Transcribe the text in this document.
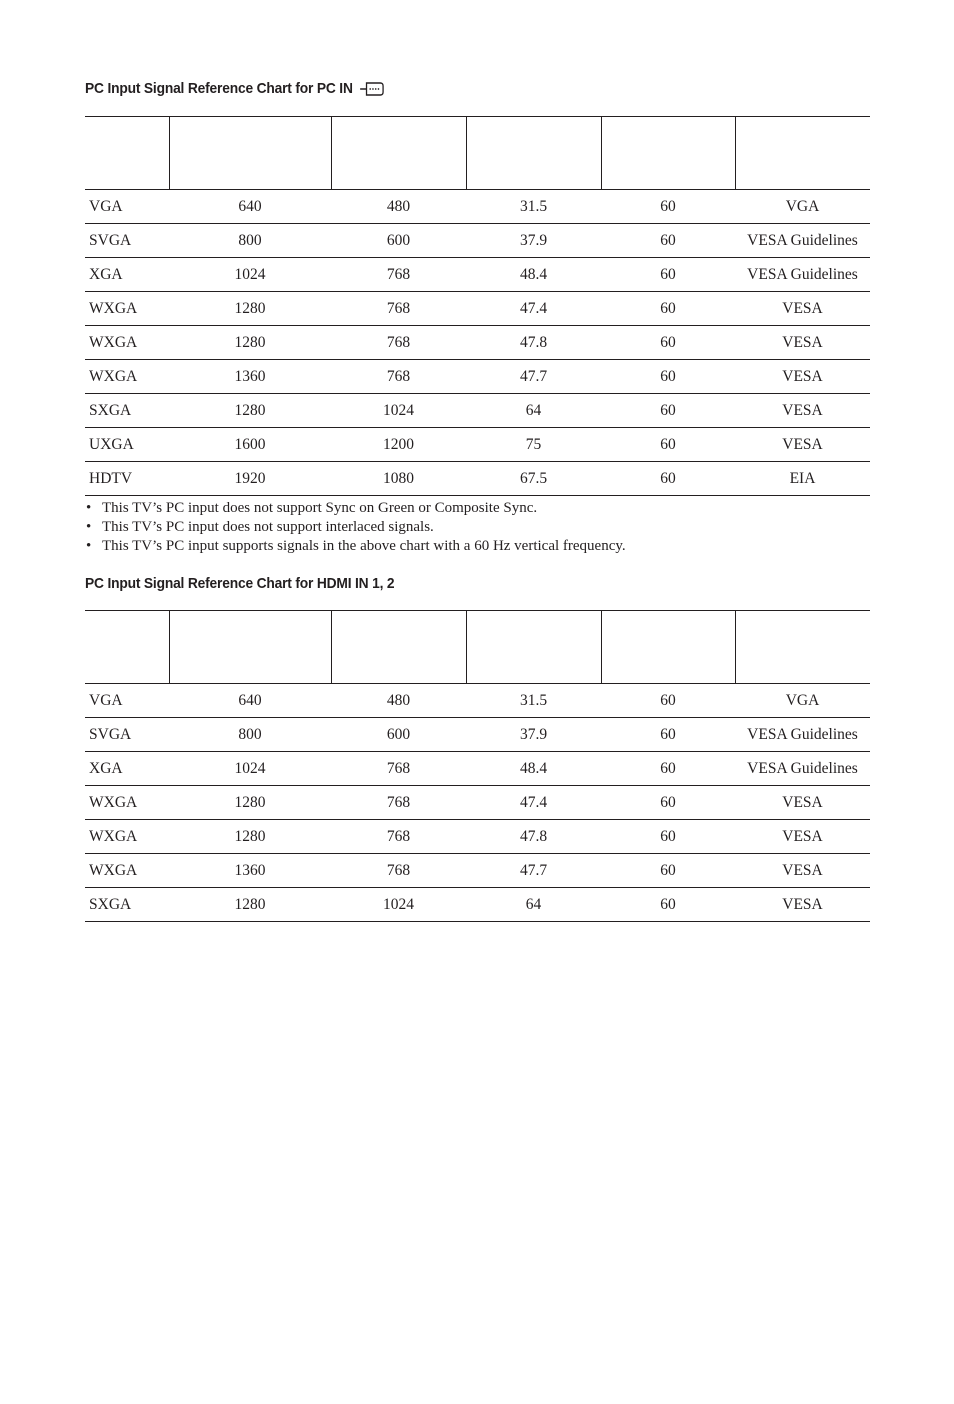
PC Input Signal Reference Chart for PC IN

VGA	640	480	31.5	60	VGA
SVGA	800	600	37.9	60	VESA Guidelines
XGA	1024	768	48.4	60	VESA Guidelines
WXGA	1280	768	47.4	60	VESA
WXGA	1280	768	47.8	60	VESA
WXGA	1360	768	47.7	60	VESA
SXGA	1280	1024	64	60	VESA
UXGA	1600	1200	75	60	VESA
HDTV	1920	1080	67.5	60	EIA
• This TV’s PC input does not support Sync on Green or Composite Sync.
• This TV’s PC input does not support interlaced signals.
• This TV’s PC input supports signals in the above chart with a 60 Hz vertical frequency.
PC Input Signal Reference Chart for HDMI IN 1, 2

VGA	640	480	31.5	60	VGA
SVGA	800	600	37.9	60	VESA Guidelines
XGA	1024	768	48.4	60	VESA Guidelines
WXGA	1280	768	47.4	60	VESA
WXGA	1280	768	47.8	60	VESA
WXGA	1360	768	47.7	60	VESA
SXGA	1280	1024	64	60	VESA
